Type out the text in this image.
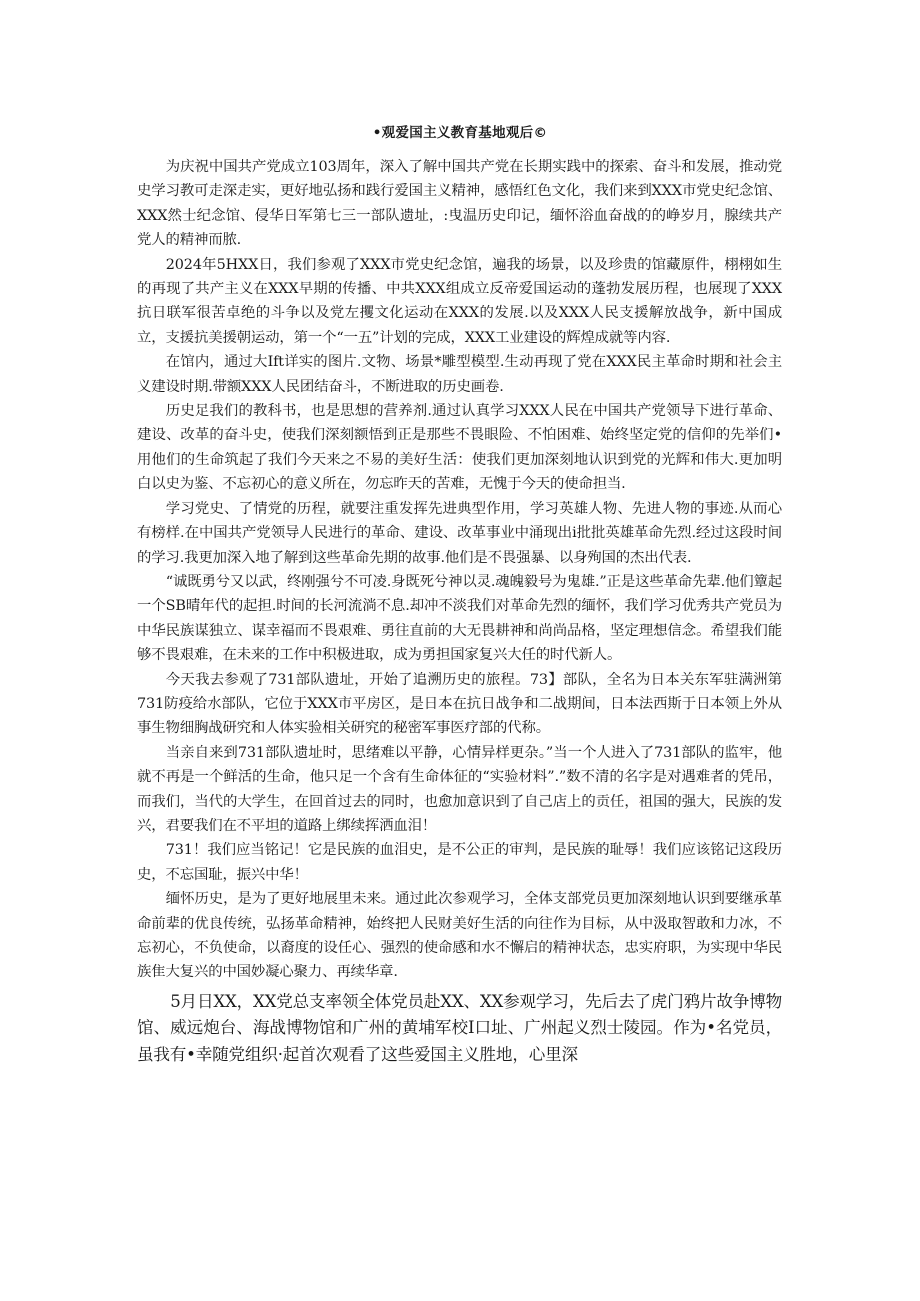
•观爱国主义教育基地观后©

为庆祝中国共产党成立103周年，深入了解中国共产党在长期实践中的探索、奋斗和发展，推动党史学习教可走深走实，更好地弘扬和践行爱国主义精神，感悟红色文化，我们来到XXX市党史纪念馆、XXX然士纪念馆、侵华日军第七三一部队遗址，:曳温历史印记，缅怀浴血奋战的的峥岁月，腺续共产党人的精神而脓.

2024年5HXX日，我们参观了XXX市党史纪念馆，遍我的场景，以及珍贵的馆藏原件，栩栩如生的再现了共产主义在XXX早期的传播、中共XXX组成立反帝爱国运动的蓬勃发展历程，也展现了XXX抗日联军很苦卓绝的斗争以及党左攫文化运动在XXX的发展.以及XXX人民支援解放战争，新中国成立，支援抗美援朝运动，第一个“一五”计划的完成，XXX工业建设的辉煌成就等内容.

在馆内，通过大Ift详实的图片.文物、场景*雕型模型.生动再现了党在XXX民主革命时期和社会主义建设时期.带额XXX人民团结奋斗，不断进取的历史画卷.

历史足我们的教科书，也是思想的营养剂.通过认真学习XXX人民在中国共产党领导下进行革命、建设、改革的奋斗史，使我们深刻额悟到正是那些不畏眼险、不怕困难、始终坚定党的信仰的先举们•用他们的生命筑起了我们今天来之不易的美好生活：使我们更加深刻地认识到党的光辉和伟大.更加明白以史为鉴、不忘初心的意义所在，勿忘昨天的苦难，无愧于今天的使命担当.

学习党史、了情党的历程，就要注重发挥先进典型作用，学习英雄人物、先进人物的事迹.从而心有榜样.在中国共产党领导人民进行的革命、建设、改革事业中涌现出i批批英雄革命先烈.经过这段时间的学习.我更加深入地了解到这些革命先期的故事.他们是不畏强暴、以身殉国的杰出代表.

“诚既勇兮又以武，终刚强兮不可凌.身既死兮神以灵.魂魄毅号为鬼雄.”正是这些革命先辈.他们簟起一个SB晴年代的起担.时间的长河流淌不息.却冲不淡我们对革命先烈的缅怀，我们学习优秀共产党员为中华民族谋独立、谋幸福而不畏艰难、勇往直前的大无畏耕神和尚尚品格，坚定理想信念。希望我们能够不畏艰难，在未来的工作中积极进取，成为勇担国家复兴大任的时代新人。

今天我去参观了731部队遗址，开始了追溯历史的旅程。73】部队，全名为日本关东军驻满洲第731防疫给水部队，它位于XXX市平房区，是日本在抗日战争和二战期间，日本法西斯于日本领上外从事生物细胸战研究和人体实验相关研究的秘密军事医疗部的代称。

当亲自来到731部队遗址时，思绪难以平静，心情异样更杂。”当一个人进入了731部队的监牢，他就不再是一个鲜活的生命，他只足一个含有生命体征的“实验材料”.”数不清的名字是对遇难者的凭吊，而我们，当代的大学生，在回首过去的同时，也愈加意识到了自己店上的贡任，祖国的强大，民族的发兴，君要我们在不平坦的道路上绑续挥洒血泪！

731！我们应当铭记！它是民族的血泪史，是不公正的审判，是民族的耻辱！我们应该铭记这段历史，不忘国耻，振兴中华！

缅怀历史，是为了更好地展里未来。通过此次参观学习，全体支部党员更加深刻地认识到要继承革命前辈的优良传统，弘扬革命精神，始终把人民财美好生活的向往作为目标，从中汲取智敢和力冰，不忘初心，不负使命，以裔度的设任心、强烈的使命感和水不懈启的精神状态，忠实府职，为实现中华民族隹大复兴的中国妙凝心聚力、再续华章.

5月日XX，XX党总支率领全体党员赴XX、XX参观学习，先后去了虎门鸦片故争博物馆、威远炮台、海战博物馆和广州的黄埔军校I口址、广州起义烈士陵园。作为•名党员，虽我有•幸随党组织·起首次观看了这些爱国主义胜地，心里深
